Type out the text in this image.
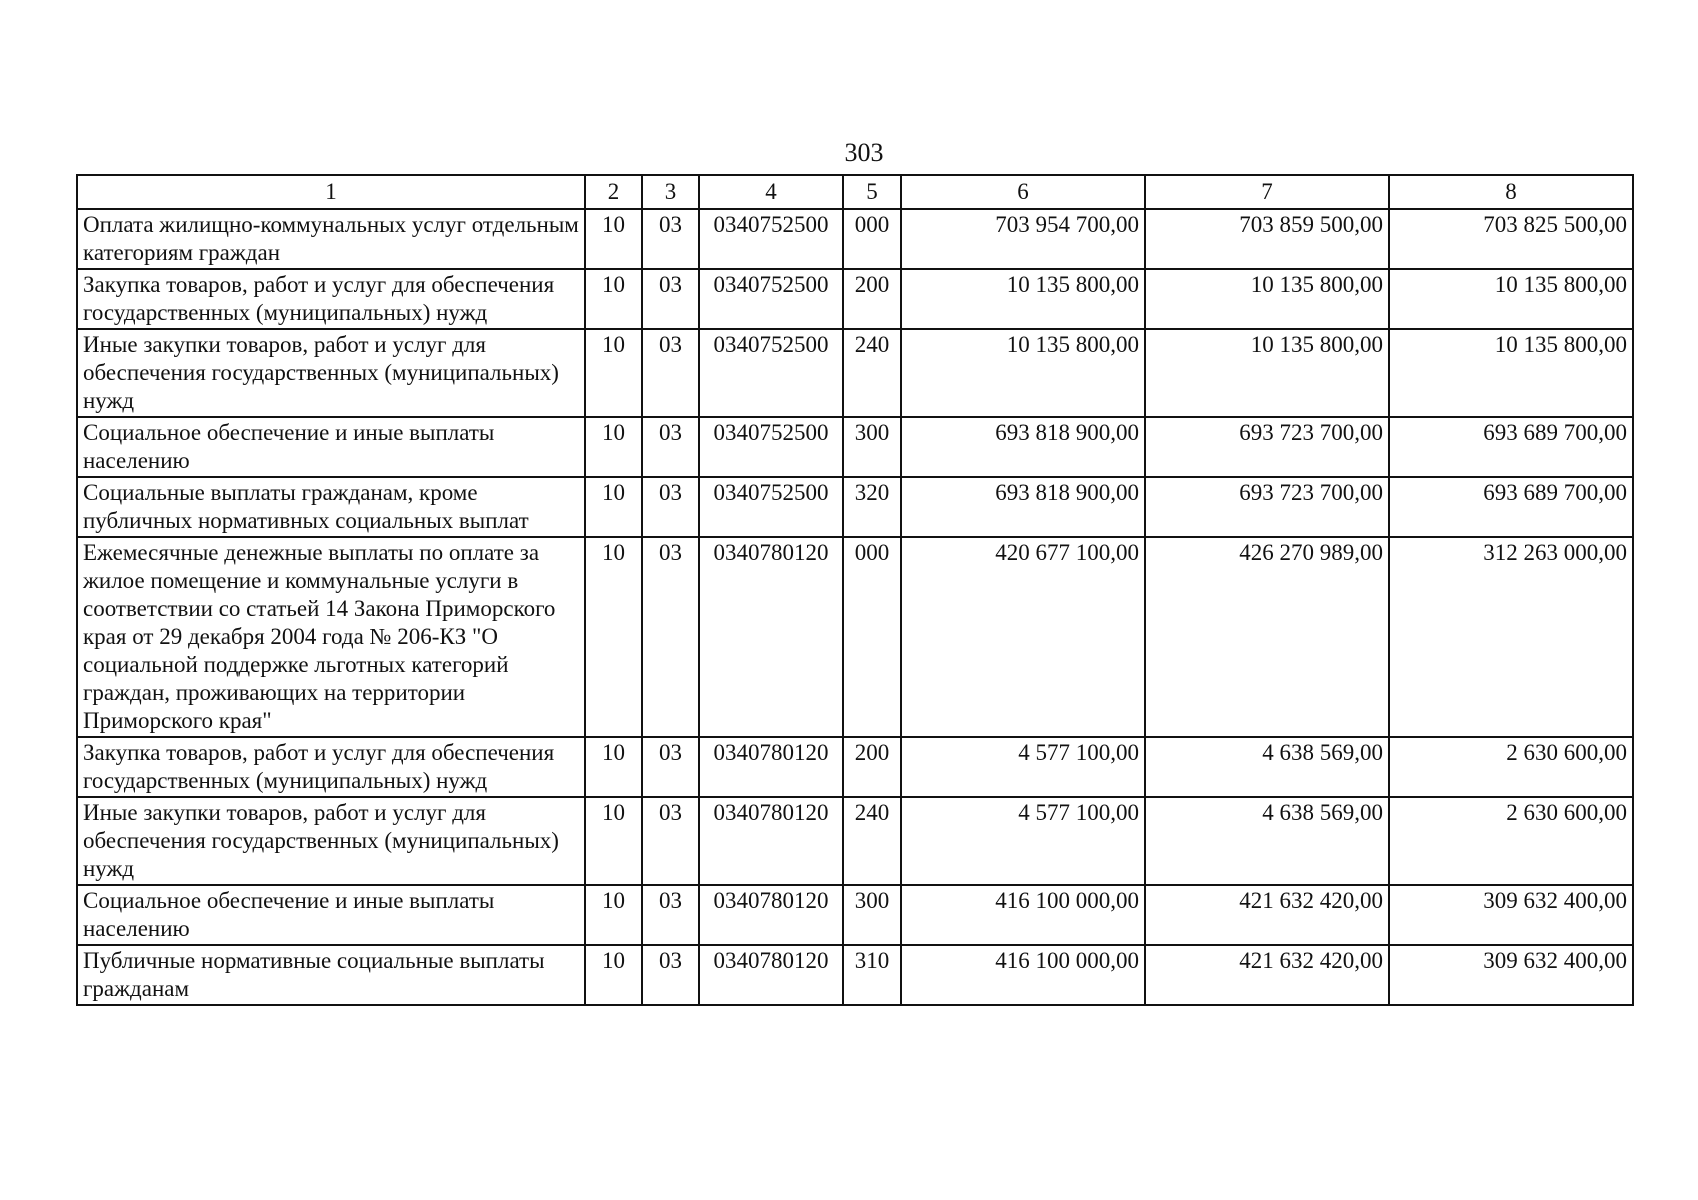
303
1	2	3	4	5	6	7	8
Оплата жилищно-коммунальных услуг отдельным категориям граждан	10	03	0340752500	000	703 954 700,00	703 859 500,00	703 825 500,00
Закупка товаров, работ и услуг для обеспечения государственных (муниципальных) нужд	10	03	0340752500	200	10 135 800,00	10 135 800,00	10 135 800,00
Иные закупки товаров, работ и услуг для обеспечения государственных (муниципальных) нужд	10	03	0340752500	240	10 135 800,00	10 135 800,00	10 135 800,00
Социальное обеспечение и иные выплаты населению	10	03	0340752500	300	693 818 900,00	693 723 700,00	693 689 700,00
Социальные выплаты гражданам, кроме публичных нормативных социальных выплат	10	03	0340752500	320	693 818 900,00	693 723 700,00	693 689 700,00
Ежемесячные денежные выплаты по оплате за жилое помещение и коммунальные услуги в соответствии со статьей 14 Закона Приморского края от 29 декабря 2004 года № 206-КЗ "О социальной поддержке льготных категорий граждан, проживающих на территории Приморского края"	10	03	0340780120	000	420 677 100,00	426 270 989,00	312 263 000,00
Закупка товаров, работ и услуг для обеспечения государственных (муниципальных) нужд	10	03	0340780120	200	4 577 100,00	4 638 569,00	2 630 600,00
Иные закупки товаров, работ и услуг для обеспечения государственных (муниципальных) нужд	10	03	0340780120	240	4 577 100,00	4 638 569,00	2 630 600,00
Социальное обеспечение и иные выплаты населению	10	03	0340780120	300	416 100 000,00	421 632 420,00	309 632 400,00
Публичные нормативные социальные выплаты гражданам	10	03	0340780120	310	416 100 000,00	421 632 420,00	309 632 400,00
